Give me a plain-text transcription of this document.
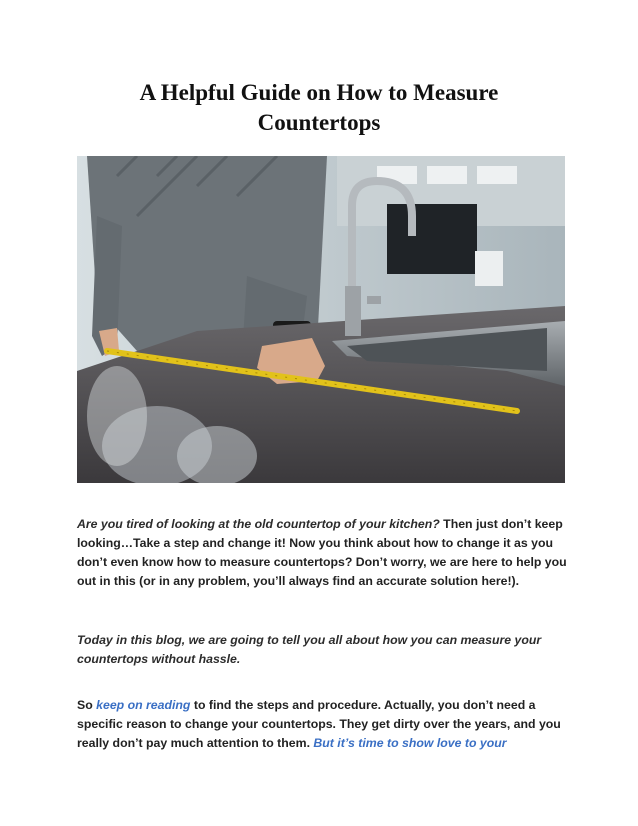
A Helpful Guide on How to Measure
Countertops

Are you tired of looking at the old countertop of your kitchen? Then just don’t keep looking…Take a step and change it! Now you think about how to change it as you don’t even know how to measure countertops? Don’t worry, we are here to help you out in this (or in any problem, you’ll always find an accurate solution here!).

Today in this blog, we are going to tell you all about how you can measure your countertops without hassle.

So keep on reading to find the steps and procedure. Actually, you don’t need a specific reason to change your countertops. They get dirty over the years, and you really don’t pay much attention to them. But it’s time to show love to your
